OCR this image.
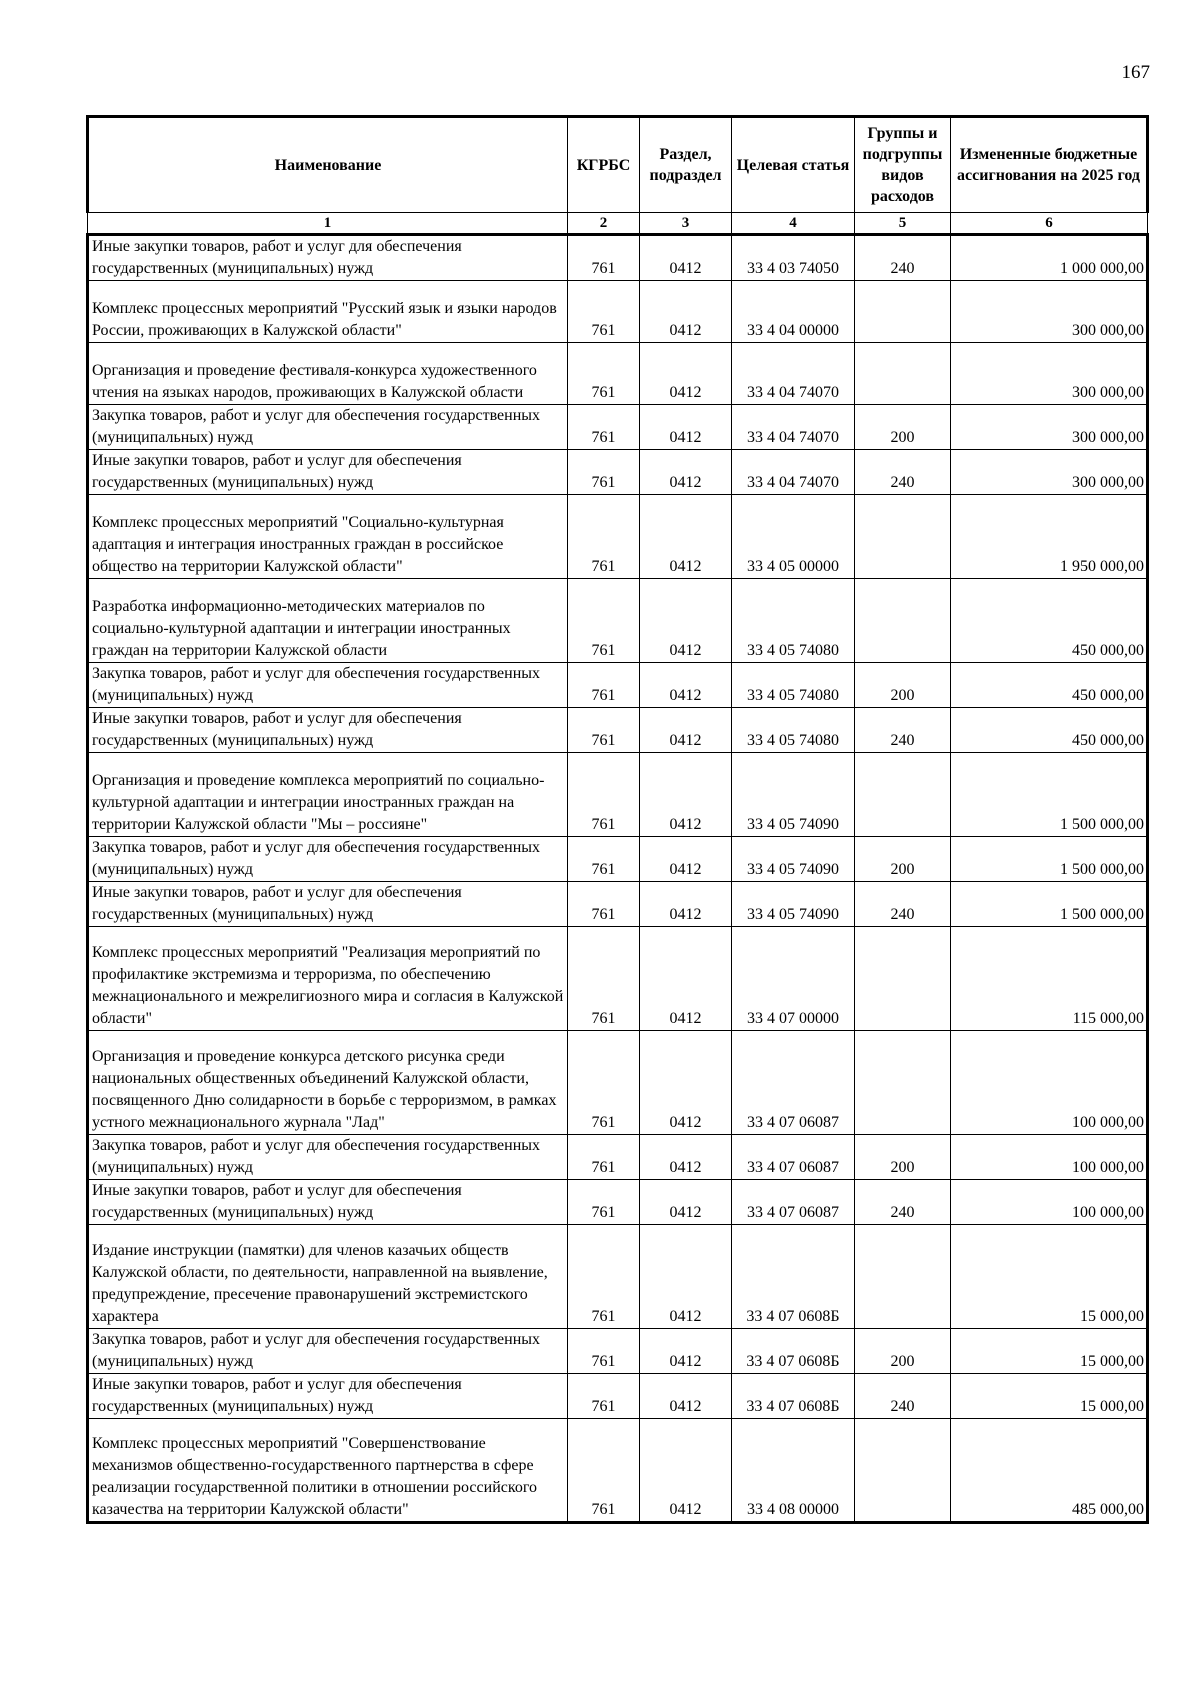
167
Наименование	КГРБС	Раздел, подраздел	Целевая статья	Группы и подгруппы видов расходов	Измененные бюджетные ассигнования на 2025 год
1	2	3	4	5	6
Иные закупки товаров, работ и услуг для обеспечения государственных (муниципальных) нужд	761	0412	33 4 03 74050	240	1 000 000,00
Комплекс процессных мероприятий "Русский язык и языки народов России, проживающих в Калужской области"	761	0412	33 4 04 00000		300 000,00
Организация и проведение фестиваля-конкурса художественного чтения на языках народов, проживающих в Калужской области	761	0412	33 4 04 74070		300 000,00
Закупка товаров, работ и услуг для обеспечения государственных (муниципальных) нужд	761	0412	33 4 04 74070	200	300 000,00
Иные закупки товаров, работ и услуг для обеспечения государственных (муниципальных) нужд	761	0412	33 4 04 74070	240	300 000,00
Комплекс процессных мероприятий "Социально-культурная адаптация и интеграция иностранных граждан в российское общество на территории Калужской области"	761	0412	33 4 05 00000		1 950 000,00
Разработка информационно-методических материалов по социально-культурной адаптации и интеграции иностранных граждан на территории Калужской области	761	0412	33 4 05 74080		450 000,00
Закупка товаров, работ и услуг для обеспечения государственных (муниципальных) нужд	761	0412	33 4 05 74080	200	450 000,00
Иные закупки товаров, работ и услуг для обеспечения государственных (муниципальных) нужд	761	0412	33 4 05 74080	240	450 000,00
Организация и проведение комплекса мероприятий по социально-культурной адаптации и интеграции иностранных граждан на территории Калужской области "Мы – россияне"	761	0412	33 4 05 74090		1 500 000,00
Закупка товаров, работ и услуг для обеспечения государственных (муниципальных) нужд	761	0412	33 4 05 74090	200	1 500 000,00
Иные закупки товаров, работ и услуг для обеспечения государственных (муниципальных) нужд	761	0412	33 4 05 74090	240	1 500 000,00
Комплекс процессных мероприятий "Реализация мероприятий по профилактике экстремизма и терроризма, по обеспечению межнационального и межрелигиозного мира и согласия в Калужской области"	761	0412	33 4 07 00000		115 000,00
Организация и проведение конкурса детского рисунка среди национальных общественных объединений Калужской области, посвященного Дню солидарности в борьбе с терроризмом, в рамках устного межнационального журнала "Лад"	761	0412	33 4 07 06087		100 000,00
Закупка товаров, работ и услуг для обеспечения государственных (муниципальных) нужд	761	0412	33 4 07 06087	200	100 000,00
Иные закупки товаров, работ и услуг для обеспечения государственных (муниципальных) нужд	761	0412	33 4 07 06087	240	100 000,00
Издание инструкции (памятки) для членов казачьих обществ Калужской области, по деятельности, направленной на выявление, предупреждение, пресечение правонарушений экстремистского характера	761	0412	33 4 07 0608Б		15 000,00
Закупка товаров, работ и услуг для обеспечения государственных (муниципальных) нужд	761	0412	33 4 07 0608Б	200	15 000,00
Иные закупки товаров, работ и услуг для обеспечения государственных (муниципальных) нужд	761	0412	33 4 07 0608Б	240	15 000,00
Комплекс процессных мероприятий "Совершенствование механизмов общественно-государственного партнерства в сфере реализации государственной политики в отношении российского казачества на территории Калужской области"	761	0412	33 4 08 00000		485 000,00
